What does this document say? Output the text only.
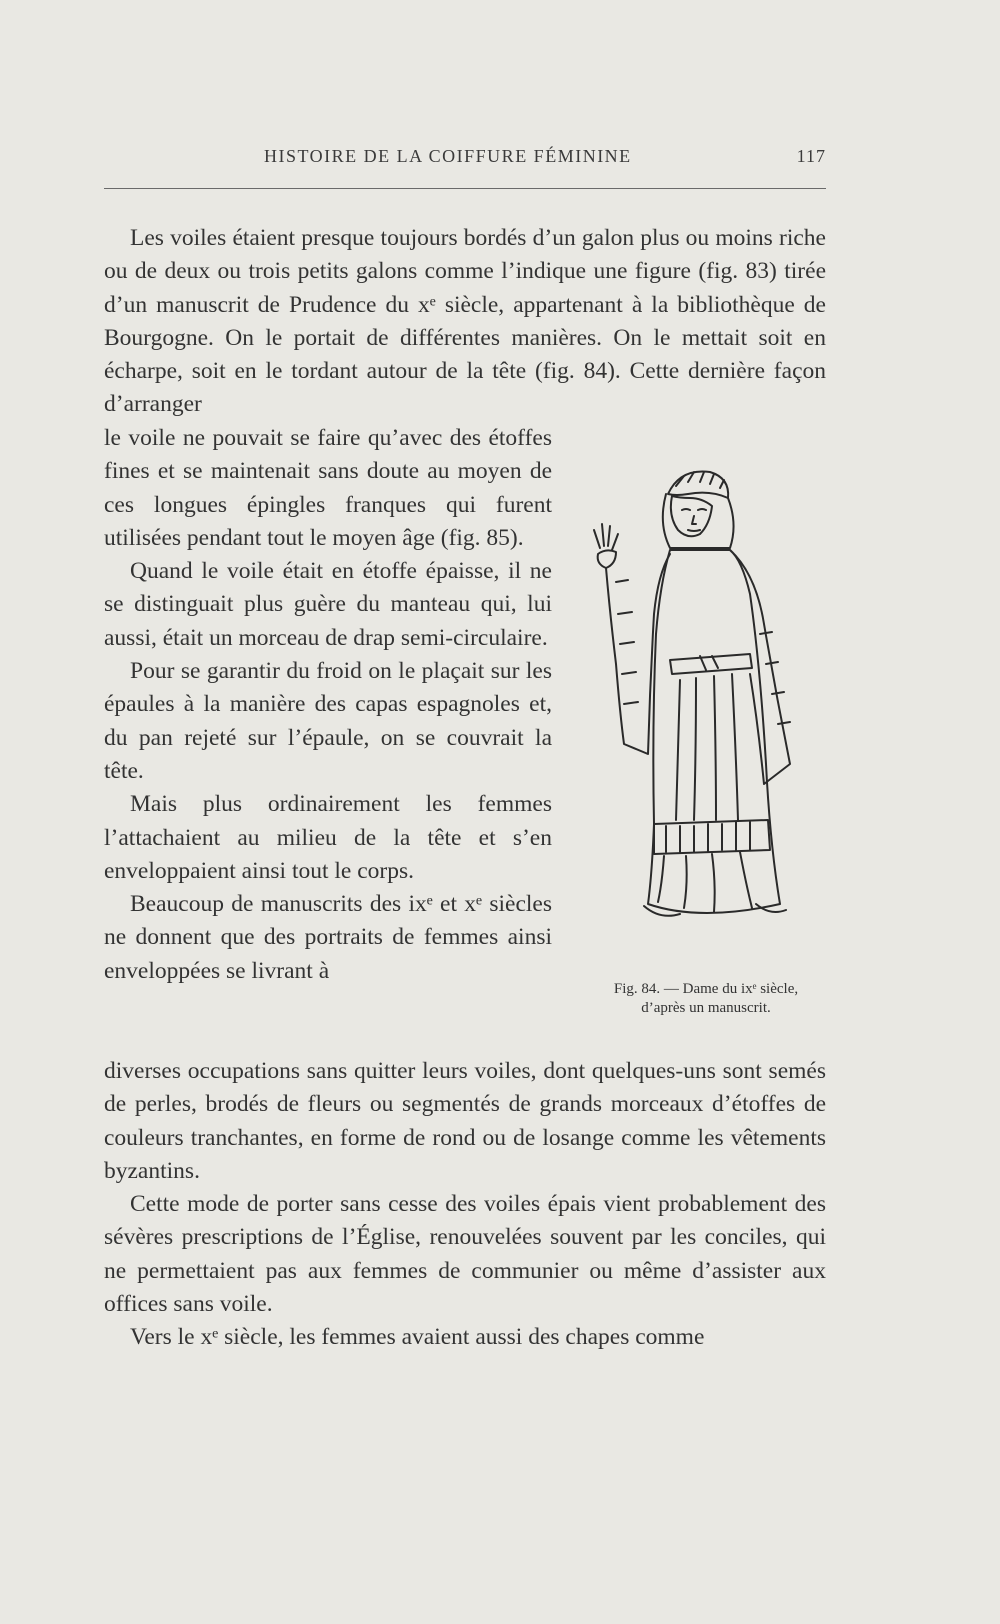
HISTOIRE DE LA COIFFURE FÉMININE	117

Les voiles étaient presque toujours bordés d’un galon plus ou moins riche ou de deux ou trois petits galons comme l’indique une figure (fig. 83) tirée d’un manuscrit de Prudence du xᵉ siècle, appartenant à la bibliothèque de Bourgogne. On le portait de différentes manières. On le mettait soit en écharpe, soit en le tordant autour de la tête (fig. 84). Cette dernière façon d’arranger

le voile ne pouvait se faire qu’avec des étoffes fines et se maintenait sans doute au moyen de ces longues épingles franques qui furent utilisées pendant tout le moyen âge (fig. 85).

Quand le voile était en étoffe épaisse, il ne se distinguait plus guère du manteau qui, lui aussi, était un morceau de drap semi-circulaire.

Pour se garantir du froid on le plaçait sur les épaules à la manière des capas espagnoles et, du pan rejeté sur l’épaule, on se couvrait la tête.

Mais plus ordinairement les femmes l’attachaient au milieu de la tête et s’en enveloppaient ainsi tout le corps.

Beaucoup de manuscrits des ixᵉ et xᵉ siècles ne donnent que des portraits de femmes ainsi enveloppées se livrant à

Fig. 84. — Dame du ixᵉ siècle,
d’après un manuscrit.

diverses occupations sans quitter leurs voiles, dont quelques-uns sont semés de perles, brodés de fleurs ou segmentés de grands morceaux d’étoffes de couleurs tranchantes, en forme de rond ou de losange comme les vêtements byzantins.

Cette mode de porter sans cesse des voiles épais vient probablement des sévères prescriptions de l’Église, renouvelées souvent par les conciles, qui ne permettaient pas aux femmes de communier ou même d’assister aux offices sans voile.

Vers le xᵉ siècle, les femmes avaient aussi des chapes comme
